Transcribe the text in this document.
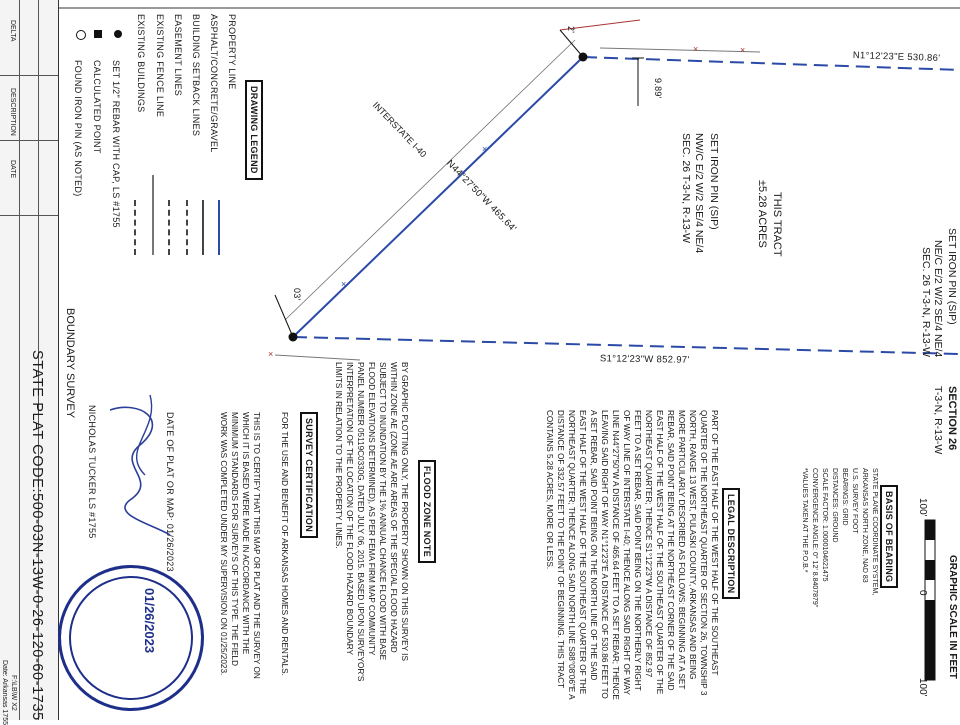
DELTA
DESCRIPTION
DATE
×	×
×
×
×
N1°12'23"E 530.86'
S1°12'23"W 852.97'
N44°27'50"W 465.64'
9.89'
2'
03'
INTERSTATE I-40
THIS TRACT
±5.28 ACRES
SET IRON PIN (SIP)
NE/C E/2 W/2 SE/4 NE/4
SEC. 26 T-3-N, R-13-W
SET IRON PIN (SIP)
NW/C E/2 W/2 SE/4 NE/4
SEC. 26 T-3-N, R-13-W
SECTION 26
T-3-N, R-13-W
GRAPHIC SCALE IN FEET
100'
0
100'
DRAWING LEGEND
PROPERTY LINE
ASPHALT/CONCRETE/GRAVEL
BUILDING SETBACK LINES
EASEMENT LINES
EXISTING FENCE LINE
EXISTING BUILDINGS
SET 1/2" REBAR WITH CAP, LS #1755
CALCULATED POINT
FOUND IRON PIN (AS NOTED)
BASIS OF BEARING
STATE PLANE COORDINATE SYSTEM,
ARKANSAS NORTH ZONE, NAD 83
U.S. SURVEY FOOT
BEARINGS: GRID
DISTANCES: GROUND
SCALE FACTOR: 1.0000104621475
CONVERGENCE ANGLE: 0° 12' 8.8407879"
*VALUES TAKEN AT THE P.O.B.*
LEGAL DESCRIPTION
PART OF THE EAST HALF OF THE WEST HALF OF THE SOUTHEAST QUARTER OF THE NORTHEAST QUARTER OF SECTION 26, TOWNSHIP 3 NORTH, RANGE 13 WEST, PULASKI COUNTY, ARKANSAS AND BEING MORE PARTICULARLY DESCRIBED AS FOLLOWS: BEGINNING AT A SET REBAR, SAID POINT BEING AT THE NORTHEAST CORNER OF THE SAID EAST HALF OF THE WEST HALF OF THE SOUTHEAST QUARTER OF THE NORTHEAST QUARTER; THENCE S1°12'23"W A DISTANCE OF 852.97 FEET TO A SET REBAR, SAID POINT BEING ON THE NORTHERLY RIGHT OF WAY LINE OF INTERSTATE I-40; THENCE ALONG SAID RIGHT OF WAY LINE N44°27'50"W A DISTANCE OF 465.64 FEET TO A SET REBAR; THENCE LEAVING SAID RIGHT OF WAY N1°12'23"E A DISTANCE OF 530.86 FEET TO A SET REBAR, SAID POINT BEING ON THE NORTH LINE OF THE SAID EAST HALF OF THE WEST HALF OF THE SOUTHEAST QUARTER OF THE NORTHEAST QUARTER; THENCE ALONG SAID NORTH LINE S88°08'06"E A DISTANCE OF 332.57 FEET TO THE POINT OF BEGINNING. THIS TRACT CONTAINS 5.28 ACRES, MORE OR LESS.
FLOOD ZONE NOTE
BY GRAPHIC PLOTTING ONLY, THE PROPERTY SHOWN ON THIS SURVEY IS WITHIN ZONE AE (ZONE AE ARE AREAS OF THE SPECIAL FLOOD HAZARD SUBJECT TO INUNDATION BY THE 1% ANNUAL CHANCE FLOOD WITH BASE FLOOD ELEVATIONS DETERMINED), AS PER FEMA FIRM MAP COMMUNITY PANEL NUMBER 05119C0330G, DATED JULY 06, 2015. BASED UPON SURVEYOR'S INTERPRETATION OF THE LOCATION OF THE FLOOD HAZARD BOUNDARY LIMITS IN RELATION TO THE PROPERTY LINES.
SURVEY CERTIFICATION
FOR THE USE AND BENEFIT OF ARKANSAS HOMES AND RENTALS.
THIS IS TO CERTIFY THAT THIS MAP OR PLAT AND THE SURVEY ON WHICH IT IS BASED WERE MADE IN ACCORDANCE WITH THE MINIMUM STANDARDS FOR SURVEYS OF THIS TYPE. THE FIELD WORK WAS COMPLETED UNDER MY SUPERVISION ON 01/25/2023.
DATE OF PLAT OR MAP: 01/26/2023
NICHOLAS TUCKER LS #1755
01/26/2023
STATE PLAT CODE:500-03N-13W-0-26-120-60-1735 BOUNDARY SURVEY
F:\LB\W X2
Date: Arkansas 1755
